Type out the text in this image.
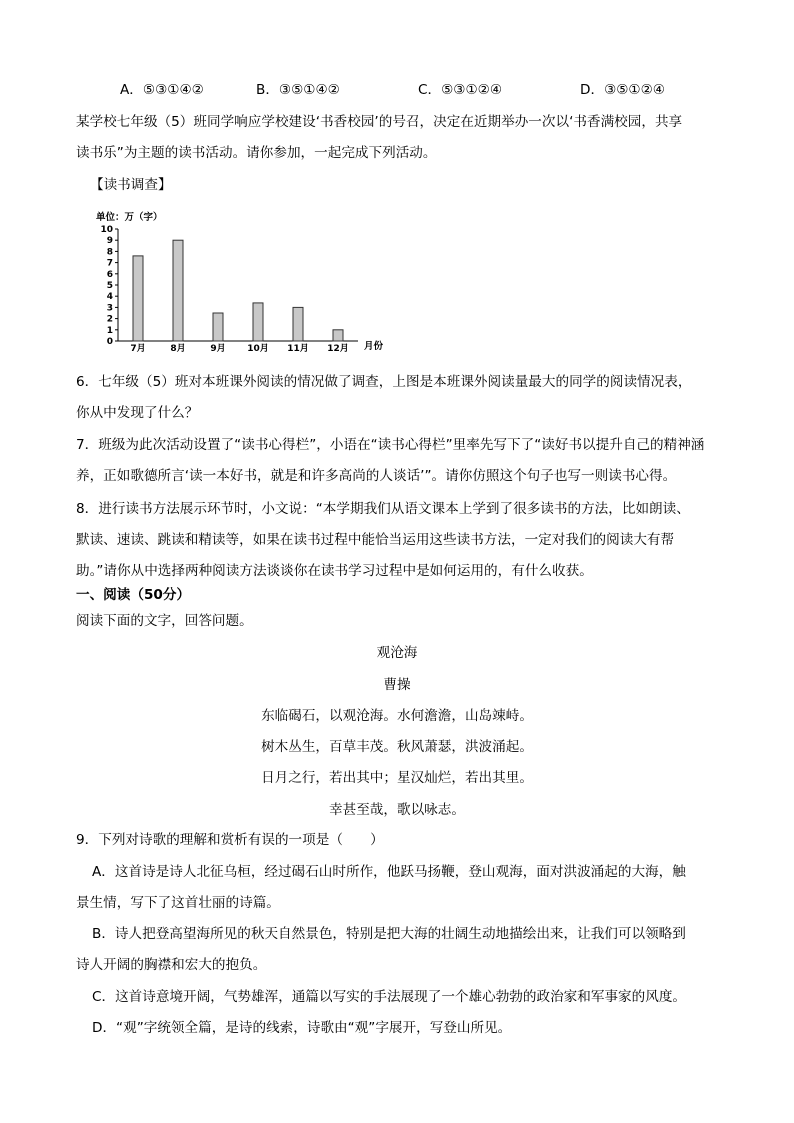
A．⑤③①④②	B．③⑤①④②	C．⑤③①②④	D．③⑤①②④
某学校七年级（5）班同学响应学校建设‘书香校园’的号召，决定在近期举办一次以‘书香满校园，共享
读书乐”为主题的读书活动。请你参加，一起完成下列活动。
【读书调查】
单位：万（字）
0
1
2
3
4
5
6
7
8
9
10
7月	8月	9月 10月 11月 12月 月份
6．七年级（5）班对本班课外阅读的情况做了调查，上图是本班课外阅读量最大的同学的阅读情况表，
你从中发现了什么？
7．班级为此次活动设置了“读书心得栏”，小语在“读书心得栏”里率先写下了“读好书以提升自己的精神涵
养，正如歌德所言‘读一本好书，就是和许多高尚的人谈话’”。请你仿照这个句子也写一则读书心得。
8．进行读书方法展示环节时，小文说：“本学期我们从语文课本上学到了很多读书的方法，比如朗读、
默读、速读、跳读和精读等，如果在读书过程中能恰当运用这些读书方法，一定对我们的阅读大有帮
助。”请你从中选择两种阅读方法谈谈你在读书学习过程中是如何运用的，有什么收获。
一、阅读（50分）
阅读下面的文字，回答问题。
观沧海
曹操
东临碣石，以观沧海。水何澹澹，山岛竦峙。
树木丛生，百草丰茂。秋风萧瑟，洪波涌起。
日月之行，若出其中；星汉灿烂，若出其里。
幸甚至哉，歌以咏志。
9．下列对诗歌的理解和赏析有误的一项是（　　）
A．这首诗是诗人北征乌桓，经过碣石山时所作，他跃马扬鞭，登山观海，面对洪波涌起的大海，触
景生情，写下了这首壮丽的诗篇。
B．诗人把登高望海所见的秋天自然景色，特别是把大海的壮阔生动地描绘出来，让我们可以领略到
诗人开阔的胸襟和宏大的抱负。
C．这首诗意境开阔，气势雄浑，通篇以写实的手法展现了一个雄心勃勃的政治家和军事家的风度。
D．“观”字统领全篇，是诗的线索，诗歌由“观”字展开，写登山所见。
